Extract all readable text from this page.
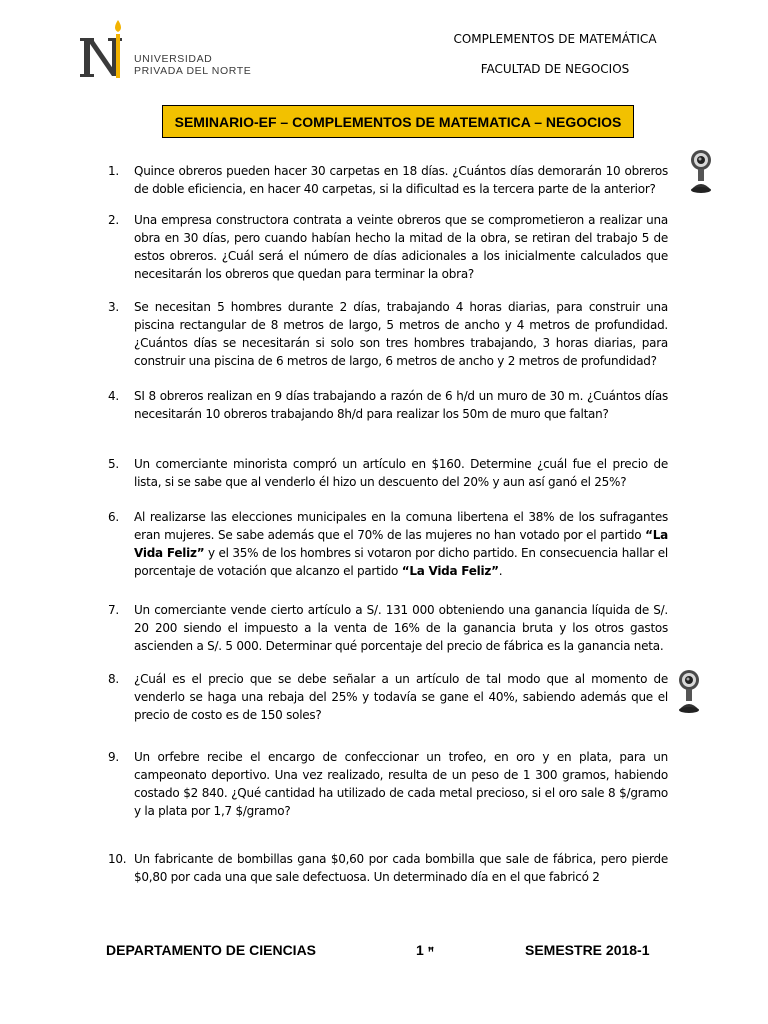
UNIVERSIDAD
PRIVADA DEL NORTE
COMPLEMENTOS DE MATEMÁTICA
FACULTAD DE NEGOCIOS
SEMINARIO-EF – COMPLEMENTOS DE MATEMATICA – NEGOCIOS
1.	Quince obreros pueden hacer 30 carpetas en 18 días. ¿Cuántos días demorarán 10 obreros de doble eficiencia, en hacer 40 carpetas, si la dificultad es la tercera parte de la anterior?
2.	Una empresa constructora contrata a veinte obreros que se comprometieron a realizar una obra en 30 días, pero cuando habían hecho la mitad de la obra, se retiran del trabajo 5 de estos obreros. ¿Cuál será el número de días adicionales a los inicialmente calculados que necesitarán los obreros que quedan para terminar la obra?
3.	Se necesitan 5 hombres durante 2 días, trabajando 4 horas diarias, para construir una piscina rectangular de 8 metros de largo, 5 metros de ancho y 4 metros de profundidad. ¿Cuántos días se necesitarán si solo son tres hombres trabajando, 3 horas diarias, para construir una piscina de 6 metros de largo, 6 metros de ancho y 2 metros de profundidad?
4.	SI 8 obreros realizan en 9 días trabajando a razón de 6 h/d un muro de 30 m. ¿Cuántos días necesitarán 10 obreros trabajando 8h/d para realizar los 50m de muro que faltan?
5.	Un comerciante minorista compró un artículo en $160. Determine ¿cuál fue el precio de lista, si se sabe que al venderlo él hizo un descuento del 20% y aun así ganó el 25%?
6.	Al realizarse las elecciones municipales en la comuna libertena el 38% de los sufragantes eran mujeres. Se sabe además que el 70% de las mujeres no han votado por el partido “La Vida Feliz” y el 35% de los hombres si votaron por dicho partido. En consecuencia hallar el porcentaje de votación que alcanzo el partido “La Vida Feliz”.
7.	Un comerciante vende cierto artículo a S/. 131 000 obteniendo una ganancia líquida de S/. 20 200 siendo el impuesto a la venta de 16% de la ganancia bruta y los otros gastos ascienden a S/. 5 000. Determinar qué porcentaje del precio de fábrica es la ganancia neta.
8.	¿Cuál es el precio que se debe señalar a un artículo de tal modo que al momento de venderlo se haga una rebaja del 25% y todavía se gane el 40%, sabiendo además que el precio de costo es de 150 soles?
9.	Un orfebre recibe el encargo de confeccionar un trofeo, en oro y en plata, para un campeonato deportivo. Una vez realizado, resulta de un peso de 1 300 gramos, habiendo costado $2 840. ¿Qué cantidad ha utilizado de cada metal precioso, si el oro sale 8 $/gramo y la plata por 1,7 $/gramo?
10. Un fabricante de bombillas gana $0,60 por cada bombilla que sale de fábrica, pero pierde $0,80 por cada una que sale defectuosa. Un determinado día en el que fabricó 2
DEPARTAMENTO DE CIENCIAS	1 ꟸ	SEMESTRE 2018-1
